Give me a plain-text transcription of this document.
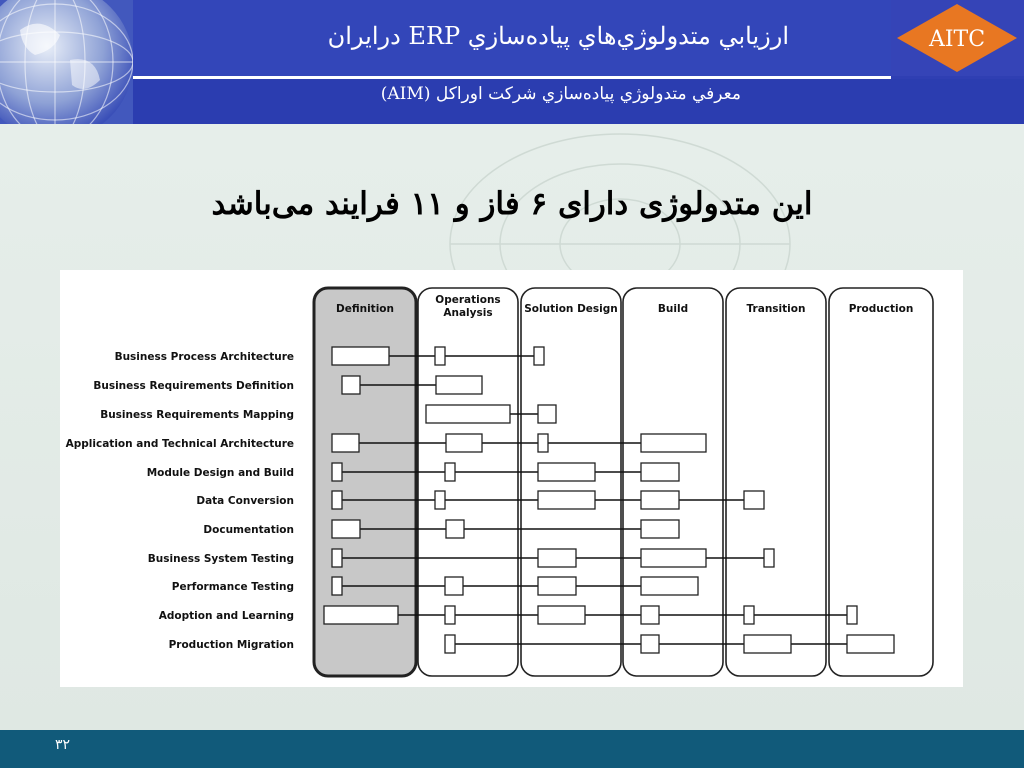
AITC
ارزيابي متدولوژي‌هاي پياده‌سازي ERP درايران
معرفي متدولوژي پياده‌سازي شركت اوراكل (AIM)
این متدولوژی دارای ۶ فاز و ۱۱ فرایند می‌باشد
Definition
Operations Analysis	Solution Design	Build	Transition	Production
Business Process Architecture
Business Requirements Definition
Business Requirements Mapping
Application and Technical Architecture
Module Design and Build
Data Conversion
Documentation
Business System Testing
Performance Testing
Adoption and Learning
Production Migration
۳۲
